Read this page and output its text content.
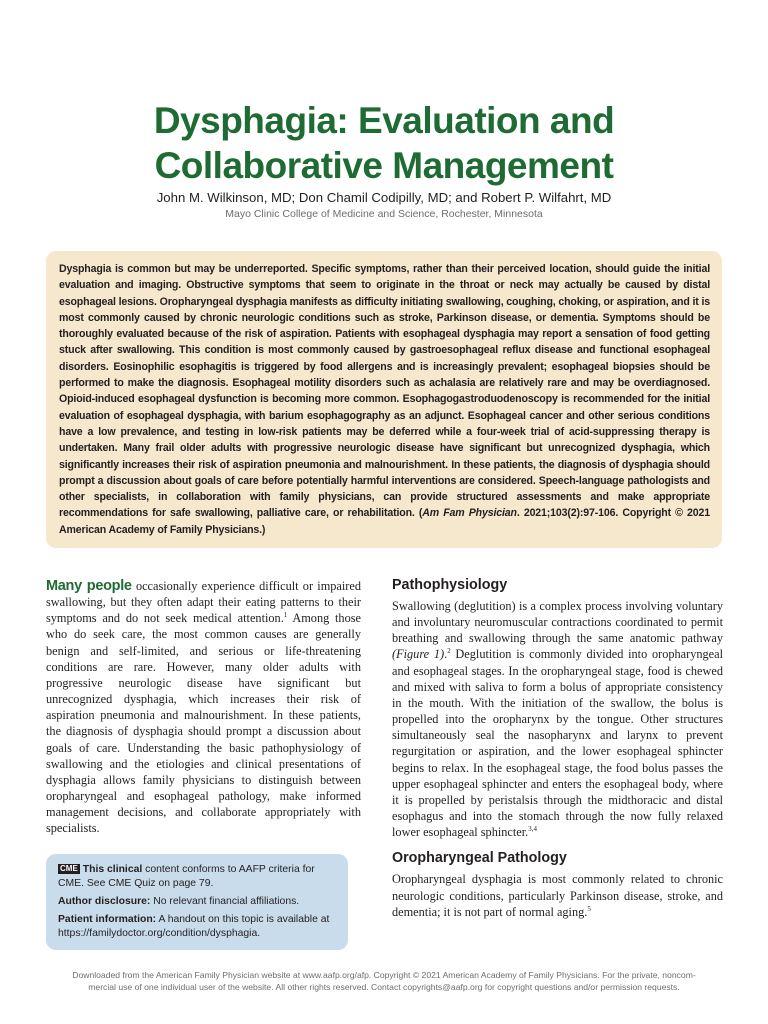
Dysphagia: Evaluation and
Collaborative Management
John M. Wilkinson, MD; Don Chamil Codipilly, MD; and Robert P. Wilfahrt, MD
Mayo Clinic College of Medicine and Science, Rochester, Minnesota

Dysphagia is common but may be underreported. Specific symptoms, rather than their perceived location, should guide the initial evaluation and imaging. Obstructive symptoms that seem to originate in the throat or neck may actually be caused by distal esophageal lesions. Oropharyngeal dysphagia manifests as difficulty initiating swallowing, coughing, choking, or aspiration, and it is most commonly caused by chronic neurologic conditions such as stroke, Parkinson disease, or dementia. Symptoms should be thoroughly evaluated because of the risk of aspiration. Patients with esophageal dysphagia may report a sensation of food getting stuck after swallowing. This condition is most commonly caused by gastroesophageal reflux disease and functional esophageal disorders. Eosinophilic esophagitis is triggered by food allergens and is increasingly prevalent; esophageal biopsies should be performed to make the diagnosis. Esophageal motility disorders such as achalasia are relatively rare and may be overdiagnosed. Opioid-induced esophageal dysfunction is becoming more common. Esophagogastroduodenoscopy is recommended for the initial evaluation of esophageal dysphagia, with barium esophagography as an adjunct. Esophageal cancer and other serious conditions have a low prevalence, and testing in low-risk patients may be deferred while a four-week trial of acid-suppressing therapy is undertaken. Many frail older adults with progressive neurologic disease have significant but unrecognized dysphagia, which significantly increases their risk of aspiration pneumonia and malnourishment. In these patients, the diagnosis of dysphagia should prompt a discussion about goals of care before potentially harmful interventions are considered. Speech-language pathologists and other specialists, in collaboration with family physicians, can provide structured assessments and make appropriate recommendations for safe swallowing, palliative care, or rehabilitation. (Am Fam Physician. 2021;103(2):97-106. Copyright © 2021 American Academy of Family Physicians.)

Many people occasionally experience difficult or impaired swallowing, but they often adapt their eating patterns to their symptoms and do not seek medical attention.$^1$ Among those who do seek care, the most common causes are generally benign and self-limited, and serious or life-threatening conditions are rare. However, many older adults with progressive neurologic disease have significant but unrecognized dysphagia, which increases their risk of aspiration pneumonia and malnourishment. In these patients, the diagnosis of dysphagia should prompt a discussion about goals of care. Understanding the basic pathophysiology of swallowing and the etiologies and clinical presentations of dysphagia allows family physicians to distinguish between oropharyngeal and esophageal pathology, make informed management decisions, and collaborate appropriately with specialists.

CME This clinical content conforms to AAFP criteria for CME. See CME Quiz on page 79.

Author disclosure: No relevant financial affiliations.

Patient information: A handout on this topic is available at https://familydoctor.org/condition/dysphagia.

Pathophysiology

Swallowing (deglutition) is a complex process involving voluntary and involuntary neuromuscular contractions coordinated to permit breathing and swallowing through the same anatomic pathway (Figure 1).$^2$ Deglutition is commonly divided into oropharyngeal and esophageal stages. In the oropharyngeal stage, food is chewed and mixed with saliva to form a bolus of appropriate consistency in the mouth. With the initiation of the swallow, the bolus is propelled into the oropharynx by the tongue. Other structures simultaneously seal the nasopharynx and larynx to prevent regurgitation or aspiration, and the lower esophageal sphincter begins to relax. In the esophageal stage, the food bolus passes the upper esophageal sphincter and enters the esophageal body, where it is propelled by peristalsis through the midthoracic and distal esophagus and into the stomach through the now fully relaxed lower esophageal sphincter.$^{3,4}$

Oropharyngeal Pathology

Oropharyngeal dysphagia is most commonly related to chronic neurologic conditions, particularly Parkinson disease, stroke, and dementia; it is not part of normal aging.$^5$

Downloaded from the American Family Physician website at www.aafp.org/afp. Copyright © 2021 American Academy of Family Physicians. For the private, noncom-
mercial use of one individual user of the website. All other rights reserved. Contact copyrights@aafp.org for copyright questions and/or permission requests.
